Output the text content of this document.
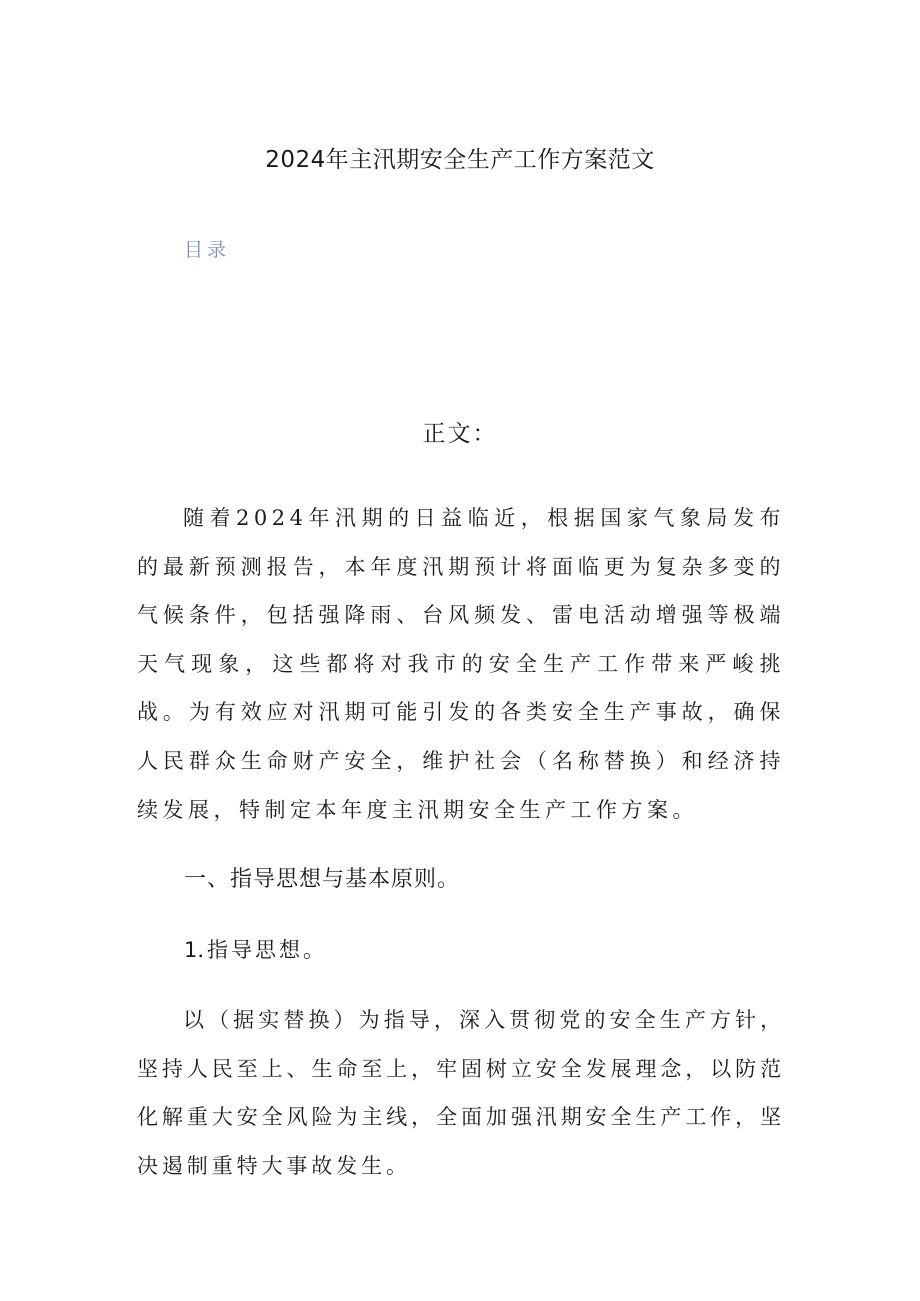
2024年主汛期安全生产工作方案范文
目录
正文：

随着2024年汛期的日益临近，根据国家气象局发布的最新预测报告，本年度汛期预计将面临更为复杂多变的气候条件，包括强降雨、台风频发、雷电活动增强等极端天气现象，这些都将对我市的安全生产工作带来严峻挑战。为有效应对汛期可能引发的各类安全生产事故，确保人民群众生命财产安全，维护社会（名称替换）和经济持续发展，特制定本年度主汛期安全生产工作方案。

一、指导思想与基本原则。
1.指导思想。

以（据实替换）为指导，深入贯彻党的安全生产方针，坚持人民至上、生命至上，牢固树立安全发展理念，以防范化解重大安全风险为主线，全面加强汛期安全生产工作，坚决遏制重特大事故发生。
